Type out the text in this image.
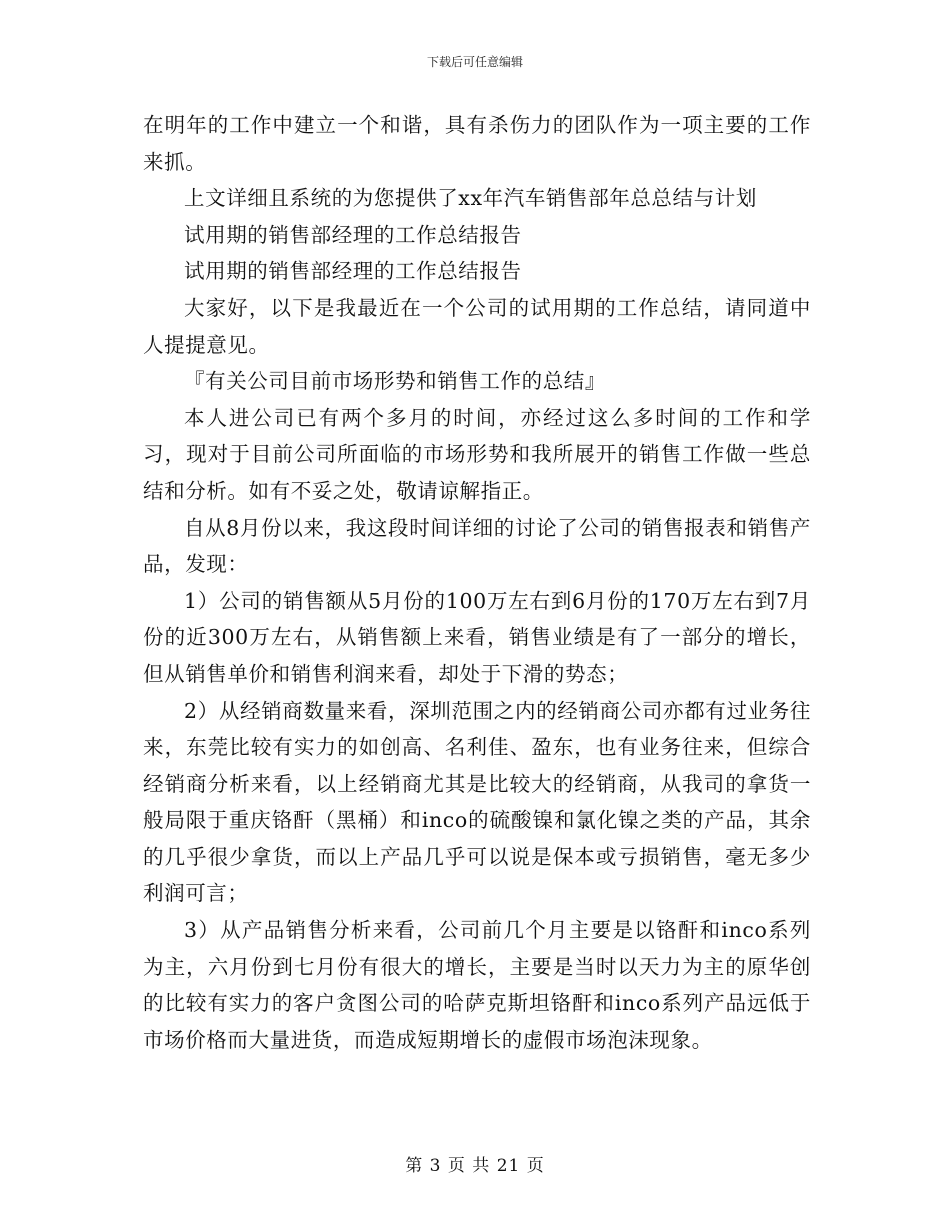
下载后可任意编辑

在明年的工作中建立一个和谐，具有杀伤力的团队作为一项主要的工作来抓。

上文详细且系统的为您提供了xx年汽车销售部年总总结与计划

试用期的销售部经理的工作总结报告

试用期的销售部经理的工作总结报告

大家好，以下是我最近在一个公司的试用期的工作总结，请同道中人提提意见。

『有关公司目前市场形势和销售工作的总结』

本人进公司已有两个多月的时间，亦经过这么多时间的工作和学习，现对于目前公司所面临的市场形势和我所展开的销售工作做一些总结和分析。如有不妥之处，敬请谅解指正。

自从8月份以来，我这段时间详细的讨论了公司的销售报表和销售产品，发现：

1）公司的销售额从5月份的100万左右到6月份的170万左右到7月份的近300万左右，从销售额上来看，销售业绩是有了一部分的增长，但从销售单价和销售利润来看，却处于下滑的势态；

2）从经销商数量来看，深圳范围之内的经销商公司亦都有过业务往来，东莞比较有实力的如创高、名利佳、盈东，也有业务往来，但综合经销商分析来看，以上经销商尤其是比较大的经销商，从我司的拿货一般局限于重庆铬酐（黑桶）和inco的硫酸镍和氯化镍之类的产品，其余的几乎很少拿货，而以上产品几乎可以说是保本或亏损销售，毫无多少利润可言；

3）从产品销售分析来看，公司前几个月主要是以铬酐和inco系列为主，六月份到七月份有很大的增长，主要是当时以天力为主的原华创的比较有实力的客户贪图公司的哈萨克斯坦铬酐和inco系列产品远低于市场价格而大量进货，而造成短期增长的虚假市场泡沫现象。

第 3 页 共 21 页
